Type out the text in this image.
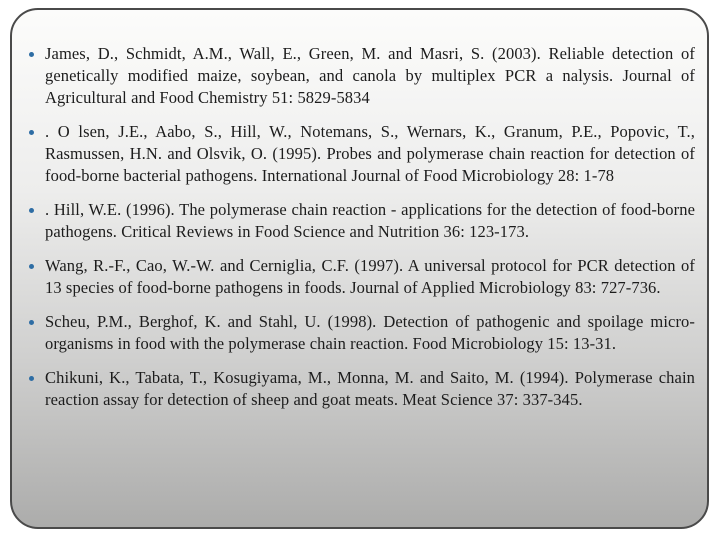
James, D., Schmidt, A.M., Wall, E., Green, M. and Masri, S. (2003). Reliable detection of genetically modified maize, soybean, and canola by multiplex PCR a nalysis. Journal of Agricultural and Food Chemistry 51: 5829-5834
. O lsen, J.E., Aabo, S., Hill, W., Notemans, S., Wernars, K., Granum, P.E., Popovic, T., Rasmussen, H.N. and Olsvik, O. (1995). Probes and polymerase chain reaction for detection of food-borne bacterial pathogens. International Journal of Food Microbiology 28: 1-78
. Hill, W.E. (1996). The polymerase chain reaction - applications for the detection of food-borne pathogens. Critical Reviews in Food Science and Nutrition 36: 123-173.
Wang, R.-F., Cao, W.-W. and Cerniglia, C.F. (1997). A universal protocol for PCR detection of 13 species of food-borne pathogens in foods. Journal of Applied Microbiology 83: 727-736.
Scheu, P.M., Berghof, K. and Stahl, U. (1998). Detection of pathogenic and spoilage micro-organisms in food with the polymerase chain reaction. Food Microbiology 15: 13-31.
Chikuni, K., Tabata, T., Kosugiyama, M., Monna, M. and Saito, M. (1994). Polymerase chain reaction assay for detection of sheep and goat meats. Meat Science 37: 337-345.
